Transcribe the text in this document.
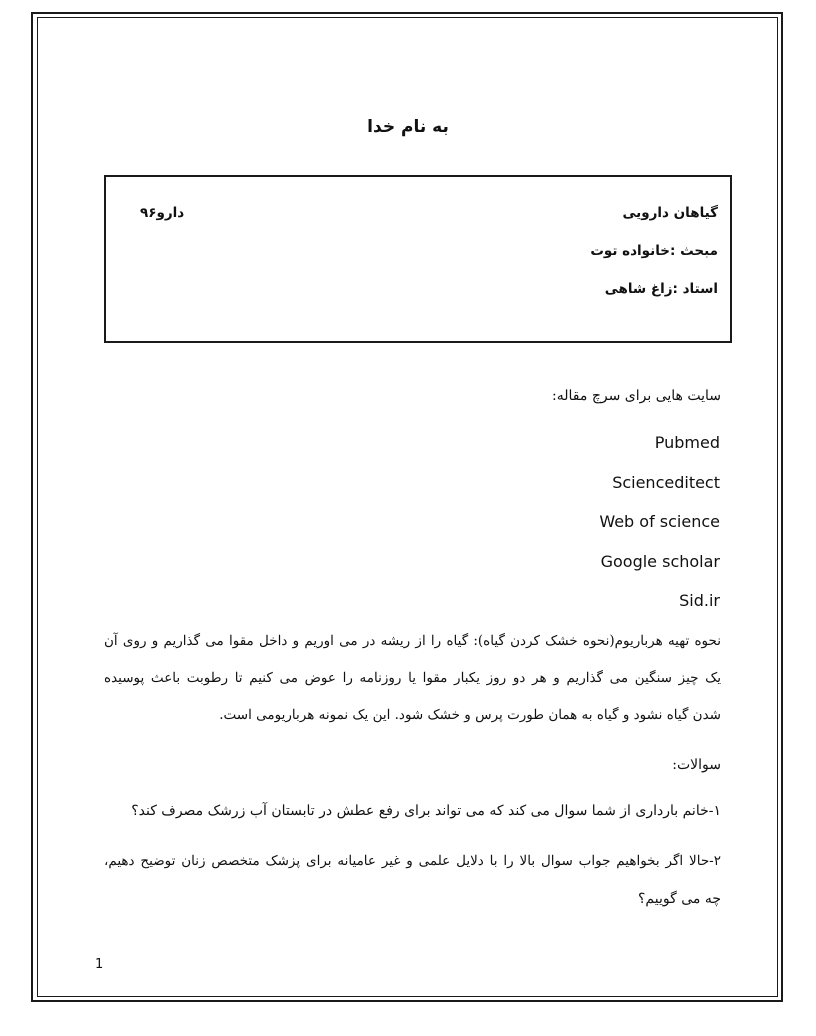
به نام خدا
گیاهان دارویی
مبحث :خانواده توت
استاد :زاغ شاهی
دارو۹۶
سایت هایی برای سرچ مقاله:
Pubmed
Sciencediteсt
Web of science
Google scholar
Sid.ir
نحوه تهیه هرباریوم(نحوه خشک کردن گیاه): گیاه را از ریشه در می اوریم و داخل مقوا می گذاریم و روی آن
یک چیز سنگین می گذاریم و هر دو روز یکبار مقوا یا روزنامه را عوض می کنیم تا رطوبت باعث پوسیده
شدن گیاه نشود و گیاه به همان طورت پرس و خشک شود. این یک نمونه هرباریومی است.
سوالات:
۱-خانم بارداری از شما سوال می کند که می تواند برای رفع عطش در تابستان آب زرشک مصرف کند؟
۲-حالا اگر بخواهیم جواب سوال بالا را با دلایل علمی و غیر عامیانه برای پزشک متخصص زنان توضیح دهیم،
چه می گوییم؟
1
